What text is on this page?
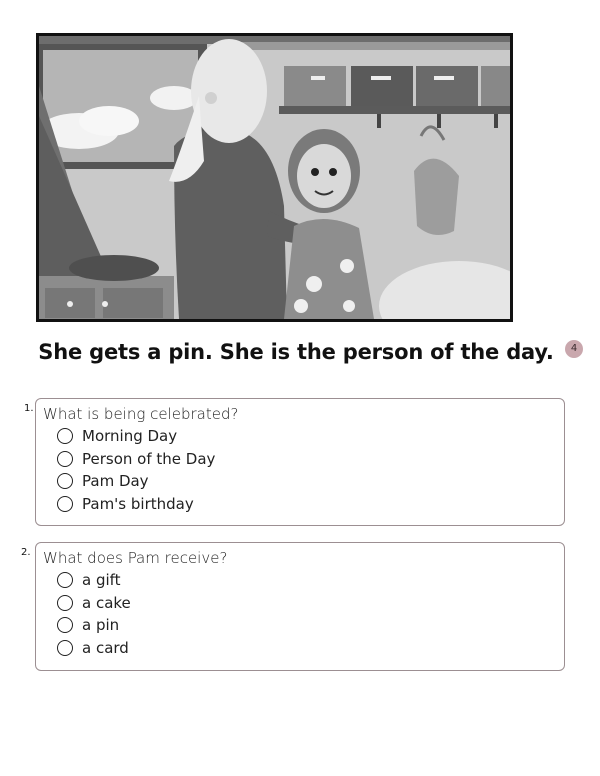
She gets a pin. She is the person of the day.	4
1. What is being celebrated?
Morning Day
Person of the Day
Pam Day
Pam's birthday
2. What does Pam receive?
a gift
a cake
a pin
a card
